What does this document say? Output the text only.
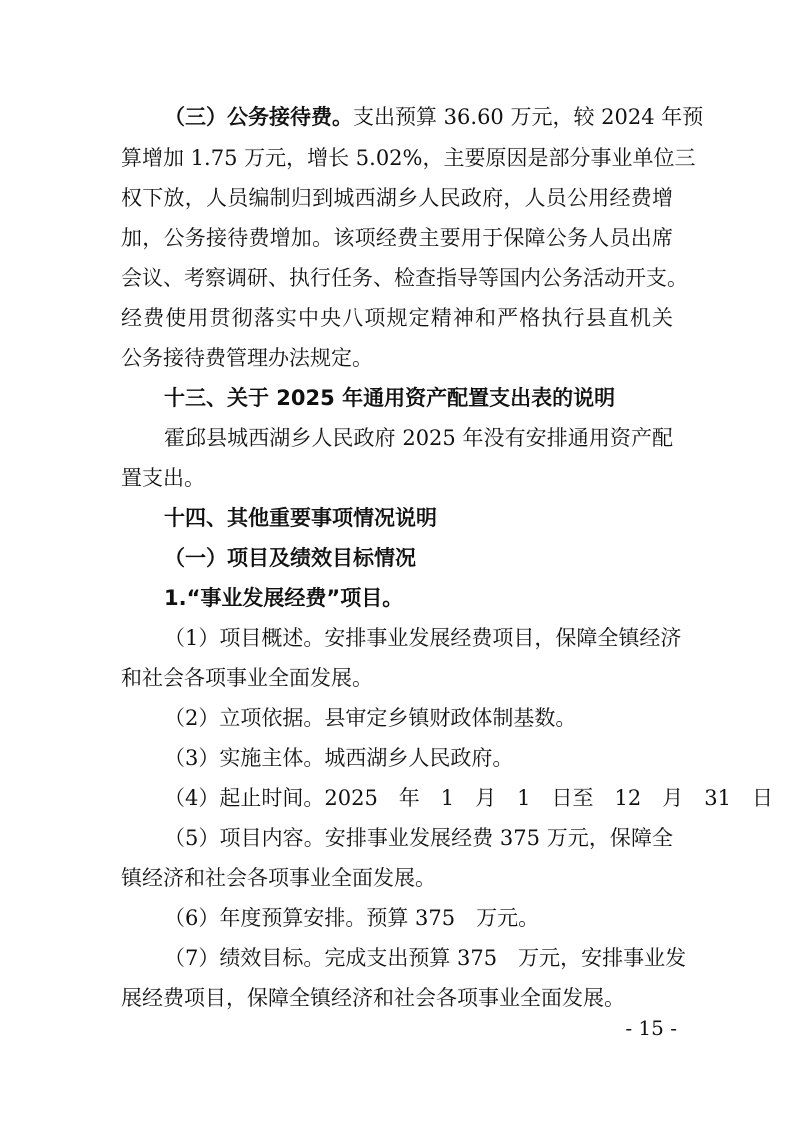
（三）公务接待费。支出预算 36.60 万元，较 2024 年预
算增加 1.75 万元，增长 5.02%，主要原因是部分事业单位三
权下放，人员编制归到城西湖乡人民政府，人员公用经费增
加，公务接待费增加。该项经费主要用于保障公务人员出席
会议、考察调研、执行任务、检查指导等国内公务活动开支。
经费使用贯彻落实中央八项规定精神和严格执行县直机关
公务接待费管理办法规定。
十三、关于 2025 年通用资产配置支出表的说明
霍邱县城西湖乡人民政府 2025 年没有安排通用资产配
置支出。
十四、其他重要事项情况说明
（一）项目及绩效目标情况
1.“事业发展经费”项目。
（1）项目概述。安排事业发展经费项目，保障全镇经济
和社会各项事业全面发展。
（2）立项依据。县审定乡镇财政体制基数。
（3）实施主体。城西湖乡人民政府。
（4）起止时间。2025　年　1　月　1　日至　12　月　31　日
（5）项目内容。安排事业发展经费 375 万元，保障全
镇经济和社会各项事业全面发展。
（6）年度预算安排。预算 375　万元。
（7）绩效目标。完成支出预算 375　万元，安排事业发
展经费项目，保障全镇经济和社会各项事业全面发展。
- 15 -
